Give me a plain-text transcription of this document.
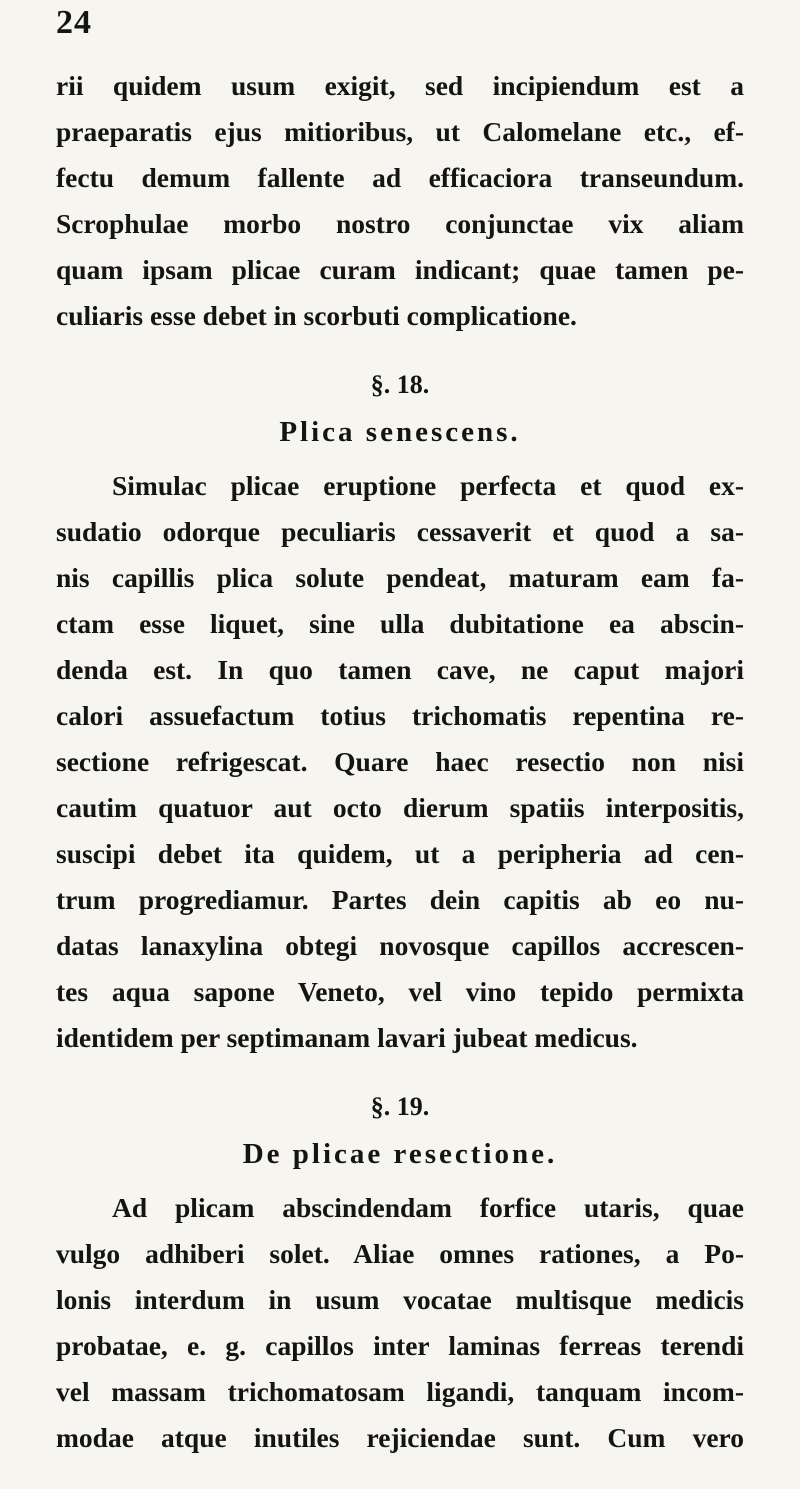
24
rii quidem usum exigit, sed incipiendum est a
praeparatis ejus mitioribus, ut Calomelane etc., ef-
fectu demum fallente ad efficaciora transeundum.
Scrophulae morbo nostro conjunctae vix aliam
quam ipsam plicae curam indicant; quae tamen pe-
culiaris esse debet in scorbuti complicatione.
§. 18.
Plica senescens.
Simulac plicae eruptione perfecta et quod ex-
sudatio odorque peculiaris cessaverit et quod a sa-
nis capillis plica solute pendeat, maturam eam fa-
ctam esse liquet, sine ulla dubitatione ea abscin-
denda est. In quo tamen cave, ne caput majori
calori assuefactum totius trichomatis repentina re-
sectione refrigescat. Quare haec resectio non nisi
cautim quatuor aut octo dierum spatiis interpositis,
suscipi debet ita quidem, ut a peripheria ad cen-
trum progrediamur. Partes dein capitis ab eo nu-
datas lanaxylina obtegi novosque capillos accrescen-
tes aqua sapone Veneto, vel vino tepido permixta
identidem per septimanam lavari jubeat medicus.
§. 19.
De plicae resectione.
Ad plicam abscindendam forfice utaris, quae
vulgo adhiberi solet. Aliae omnes rationes, a Po-
lonis interdum in usum vocatae multisque medicis
probatae, e. g. capillos inter laminas ferreas terendi
vel massam trichomatosam ligandi, tanquam incom-
modae atque inutiles rejiciendae sunt. Cum vero
